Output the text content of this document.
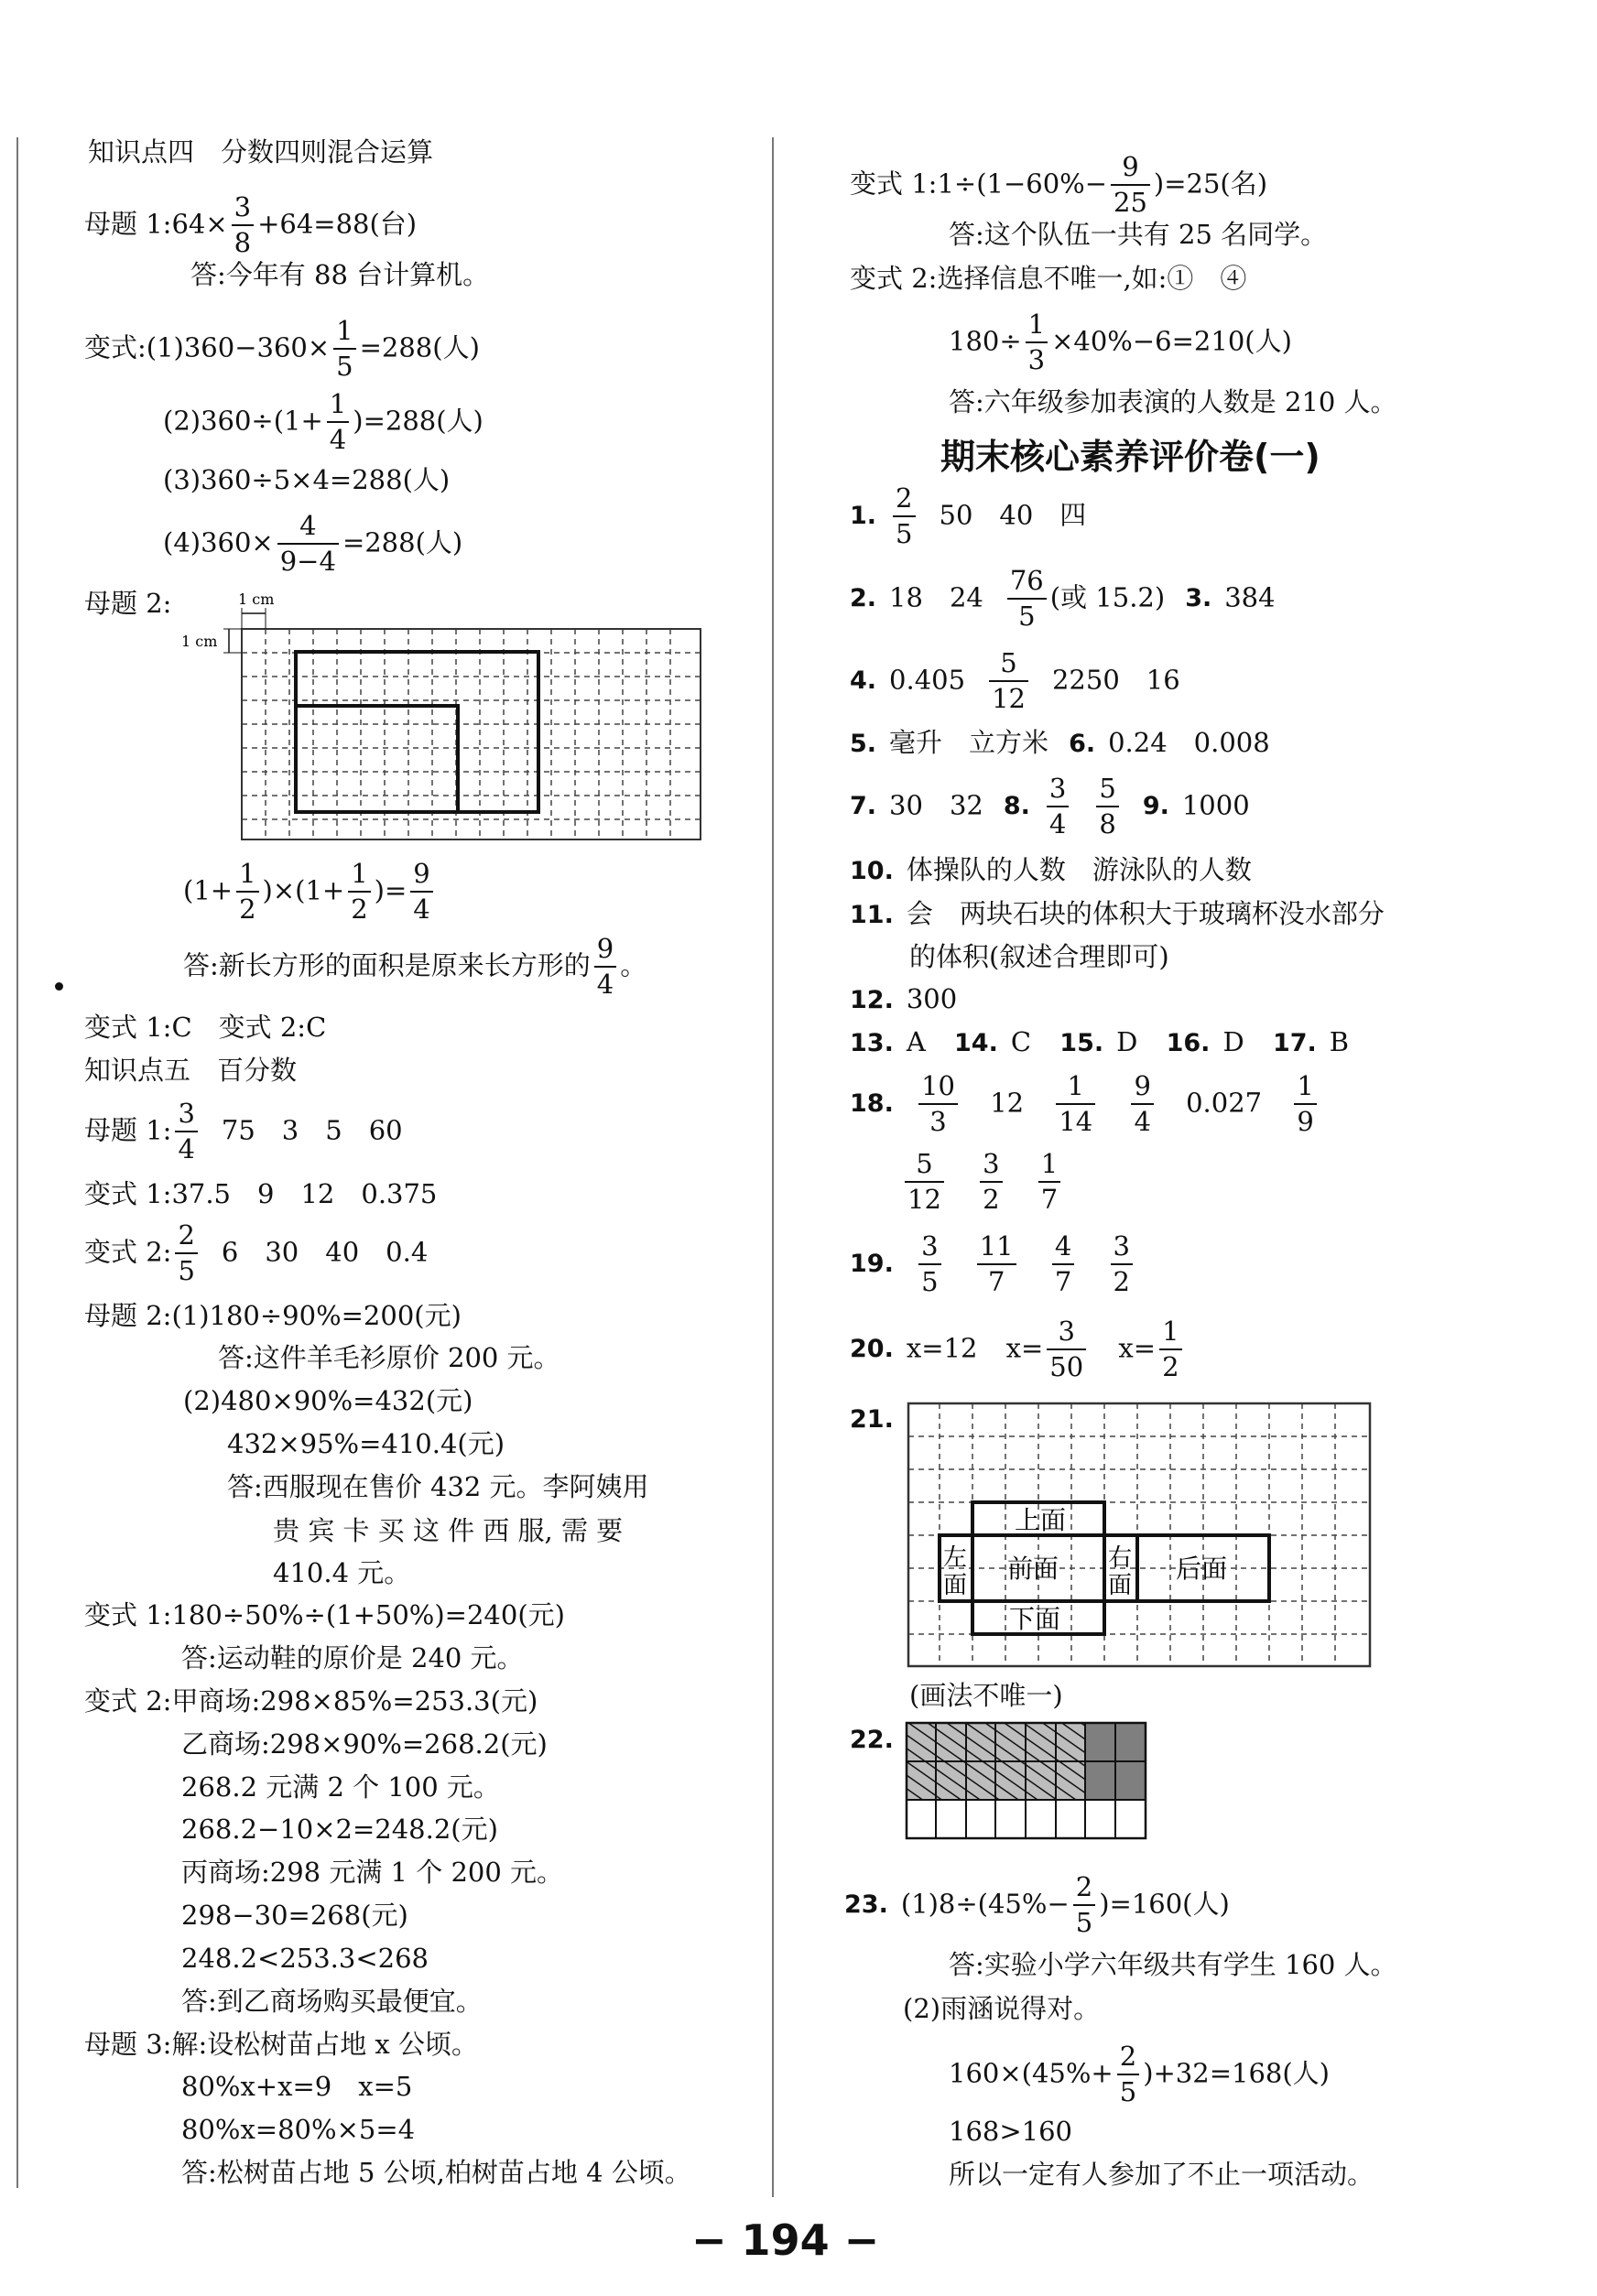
知识点四　分数四则混合运算
母题 1:64× $\frac{3}{8} +64=88$(台)
答:今年有 88 台计算机。
变式:(1)360−360× $\frac{1}{5} =288$(人)
$(2)360\div(1+ \frac{1}{4} )=288$(人)
(3)360÷5×4=288(人)
$(4)360\times \frac{4}{9-4} =288$(人)
母题 2:	1 cm
1 cm
$(1+ \frac{1}{2} )\times(1+ \frac{1}{2}$ )= $\frac{9}{4}$
答:新长方形的面积是原来长方形的 $\frac{9}{4}$ 。
变式 1:C　变式 2:C
知识点五　百分数
母题 1: $\frac{3}{4} 75$　3　5　60
变式 1:37.5　9　12　0.375
变式 2: $\frac{2}{5} 6$　30　40　0.4
母题 2:(1)180÷90%=200(元)
答:这件羊毛衫原价 200 元。
(2)480×90%=432(元)
432×95%=410.4(元)
答:西服现在售价 432 元。李阿姨用
贵 宾 卡 买 这 件 西 服, 需 要
410.4 元。
变式 1:180÷50%÷(1+50%)=240(元)
答:运动鞋的原价是 240 元。
变式 2:甲商场:298×85%=253.3(元)
乙商场:298×90%=268.2(元)
268.2 元满 2 个 100 元。
268.2−10×2=248.2(元)
丙商场:298 元满 1 个 200 元。
298−30=268(元)
248.2<253.3<268
答:到乙商场购买最便宜。
母题 3:解:设松树苗占地 x 公顷。
80%x+x=9　x=5
80%x=80%×5=4
答:松树苗占地 5 公顷,柏树苗占地 4 公顷。
变式 1:1÷(1−60%− $\frac{9}{25} )=25$(名)
答:这个队伍一共有 25 名同学。
变式 2:选择信息不唯一,如:①　④
$180\div \frac{1}{3} \times 40\%-6=210$(人)
答:六年级参加表演的人数是 210 人。
期末核心素养评价卷(一)
1. $\frac{2}{5} 50$　40　四
2. 18　$24 \frac{76}{5}$ (或 15.2) 3. 384
4. $0.405 \frac{5}{12} 2250$　16
5. 毫升　立方米 6. 0.24　0.008
7. 30　32 8. $\frac{3}{4} \frac{5}{8} 9$. 1000
10. 体操队的人数　游泳队的人数
11. 会　两块石块的体积大于玻璃杯没水部分
的体积(叙述合理即可)
12. 300
13. A 14. C 15. D 16. D 17. B
18. $\frac{10}{3} 12 \frac{1}{14}$
$\frac{9}{4} 0.027 \frac{1}{9}$
$\frac{5}{12}$
$\frac{3}{2}$
$\frac{1}{7}$
19. $\frac{3}{5}$
$\frac{11}{7}$
$\frac{4}{7}$
$\frac{3}{2}$
20. x=12 $x= \frac{3}{50} x= \frac{1}{2}$
21.
上面
前面
左
面
右
面
后面
下面
(画法不唯一)
22.
23. $(1)8\div(45\%- \frac{2}{5} )=160$(人)
答:实验小学六年级共有学生 160 人。
(2)雨涵说得对。
$160\times(45\%+ \frac{2}{5} )+32=168$(人)
168>160
所以一定有人参加了不止一项活动。
− 194 −
